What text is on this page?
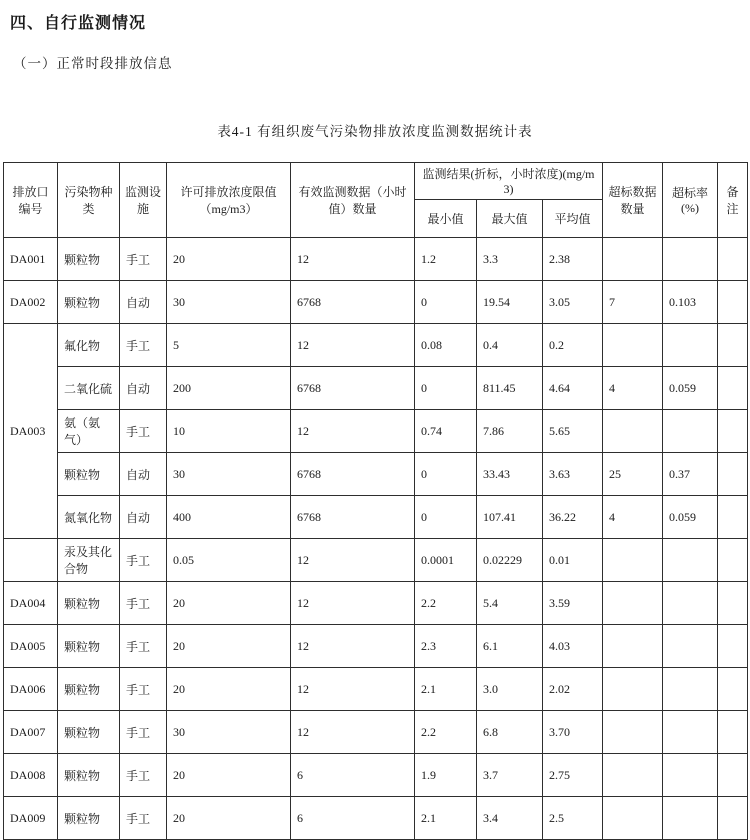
四、自行监测情况
（一）正常时段排放信息
表4-1 有组织废气污染物排放浓度监测数据统计表
排放口编号	污染物种类	监测设施	许可排放浓度限值（mg/m3）	有效监测数据（小时值）数量	监测结果(折标，小时浓度)(mg/m3)			超标数据数量	超标率(%)	备注
					最小值	最大值	平均值			
DA001	颗粒物	手工	20	12	1.2	3.3	2.38			
DA002	颗粒物	自动	30	6768	0	19.54	3.05	7	0.103	
DA003	氟化物	手工	5	12	0.08	0.4	0.2			
	二氧化硫	自动	200	6768	0	811.45	4.64	4	0.059	
	氨（氨气）	手工	10	12	0.74	7.86	5.65			
	颗粒物	自动	30	6768	0	33.43	3.63	25	0.37	
	氮氧化物	自动	400	6768	0	107.41	36.22	4	0.059	
	汞及其化合物	手工	0.05	12	0.0001	0.02229	0.01			
DA004	颗粒物	手工	20	12	2.2	5.4	3.59			
DA005	颗粒物	手工	20	12	2.3	6.1	4.03			
DA006	颗粒物	手工	20	12	2.1	3.0	2.02			
DA007	颗粒物	手工	30	12	2.2	6.8	3.70			
DA008	颗粒物	手工	20	6	1.9	3.7	2.75			
DA009	颗粒物	手工	20	6	2.1	3.4	2.5			
